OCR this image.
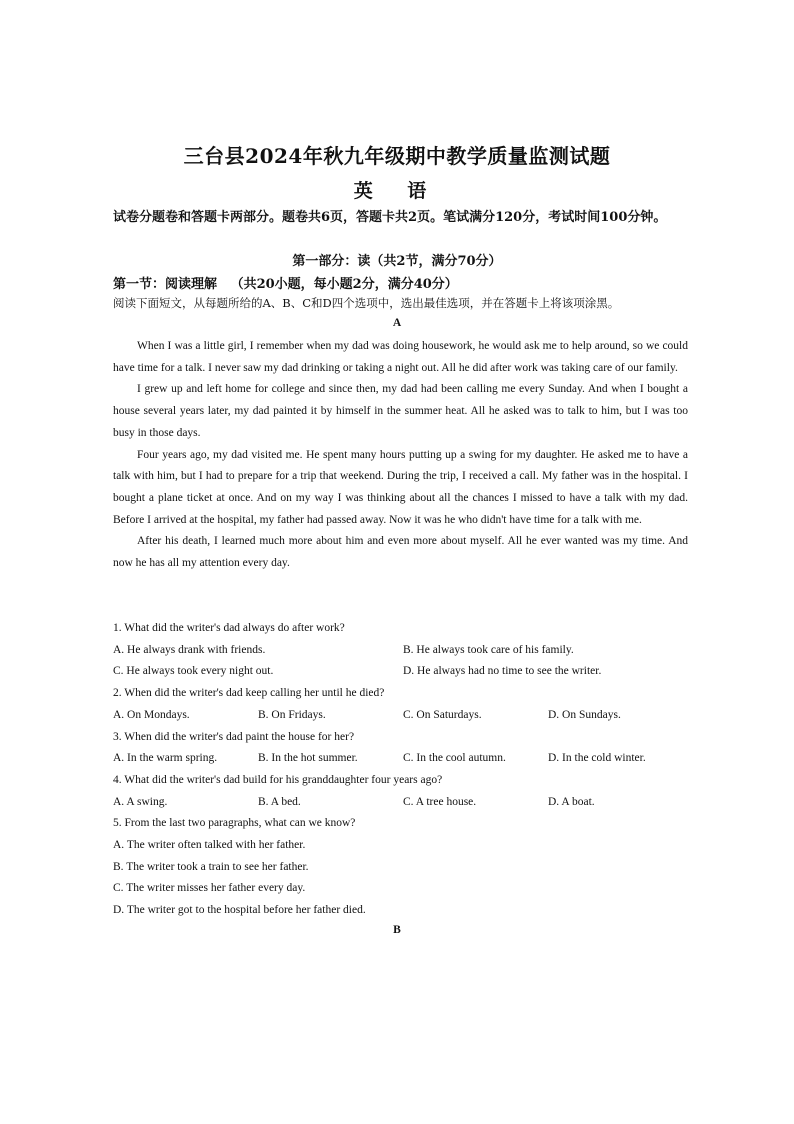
三台县2024年秋九年级期中教学质量监测试题
英 语
试卷分题卷和答题卡两部分。题卷共6页，答题卡共2页。笔试满分120分，考试时间100分钟。
第一部分：读（共2节，满分70分）
第一节：阅读理解   （共20小题，每小题2分，满分40分）
阅读下面短文，从每题所给的A、B、C和D四个选项中，选出最佳选项，并在答题卡上将该项涂黑。
A

When I was a little girl, I remember when my dad was doing housework, he would ask me to help around, so we could have time for a talk. I never saw my dad drinking or taking a night out. All he did after work was taking care of our family.

I grew up and left home for college and since then, my dad had been calling me every Sunday. And when I bought a house several years later, my dad painted it by himself in the summer heat. All he asked was to talk to him, but I was too busy in those days.

Four years ago, my dad visited me. He spent many hours putting up a swing for my daughter. He asked me to have a talk with him, but I had to prepare for a trip that weekend. During the trip, I received a call. My father was in the hospital. I bought a plane ticket at once. And on my way I was thinking about all the chances I missed to have a talk with my dad. Before I arrived at the hospital, my father had passed away. Now it was he who didn't have time for a talk with me.

After his death, I learned much more about him and even more about myself. All he ever wanted was my time. And now he has all my attention every day.

1. What did the writer's dad always do after work?
A. He always drank with friends.	B. He always took care of his family.
C. He always took every night out.	D. He always had no time to see the writer.
2. When did the writer's dad keep calling her until he died?
A. On Mondays.	B. On Fridays.	C. On Saturdays.	D. On Sundays.
3. When did the writer's dad paint the house for her?
A. In the warm spring.	B. In the hot summer.	C. In the cool autumn.	D. In the cold winter.
4. What did the writer's dad build for his granddaughter four years ago?
A. A swing.	B. A bed.	C. A tree house.	D. A boat.
5. From the last two paragraphs, what can we know?
A. The writer often talked with her father.
B. The writer took a train to see her father.
C. The writer misses her father every day.
D. The writer got to the hospital before her father died.
B
